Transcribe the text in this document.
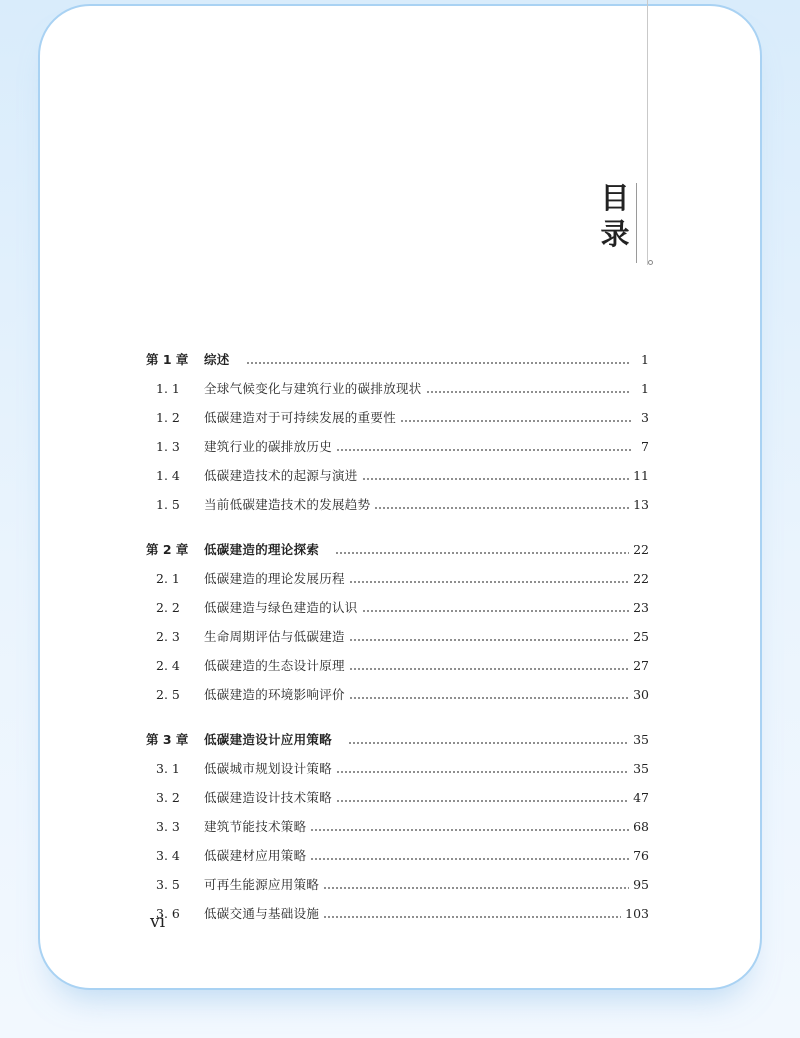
目
录
第 1 章	综述	1
1. 1	全球气候变化与建筑行业的碳排放现状	1
1. 2	低碳建造对于可持续发展的重要性	3
1. 3	建筑行业的碳排放历史	7
1. 4	低碳建造技术的起源与演进	11
1. 5	当前低碳建造技术的发展趋势	13
第 2 章	低碳建造的理论探索	22
2. 1	低碳建造的理论发展历程	22
2. 2	低碳建造与绿色建造的认识	23
2. 3	生命周期评估与低碳建造	25
2. 4	低碳建造的生态设计原理	27
2. 5	低碳建造的环境影响评价	30
第 3 章	低碳建造设计应用策略	35
3. 1	低碳城市规划设计策略	35
3. 2	低碳建造设计技术策略	47
3. 3	建筑节能技术策略	68
3. 4	低碳建材应用策略	76
3. 5	可再生能源应用策略	95
3. 6	低碳交通与基础设施	103
vi
